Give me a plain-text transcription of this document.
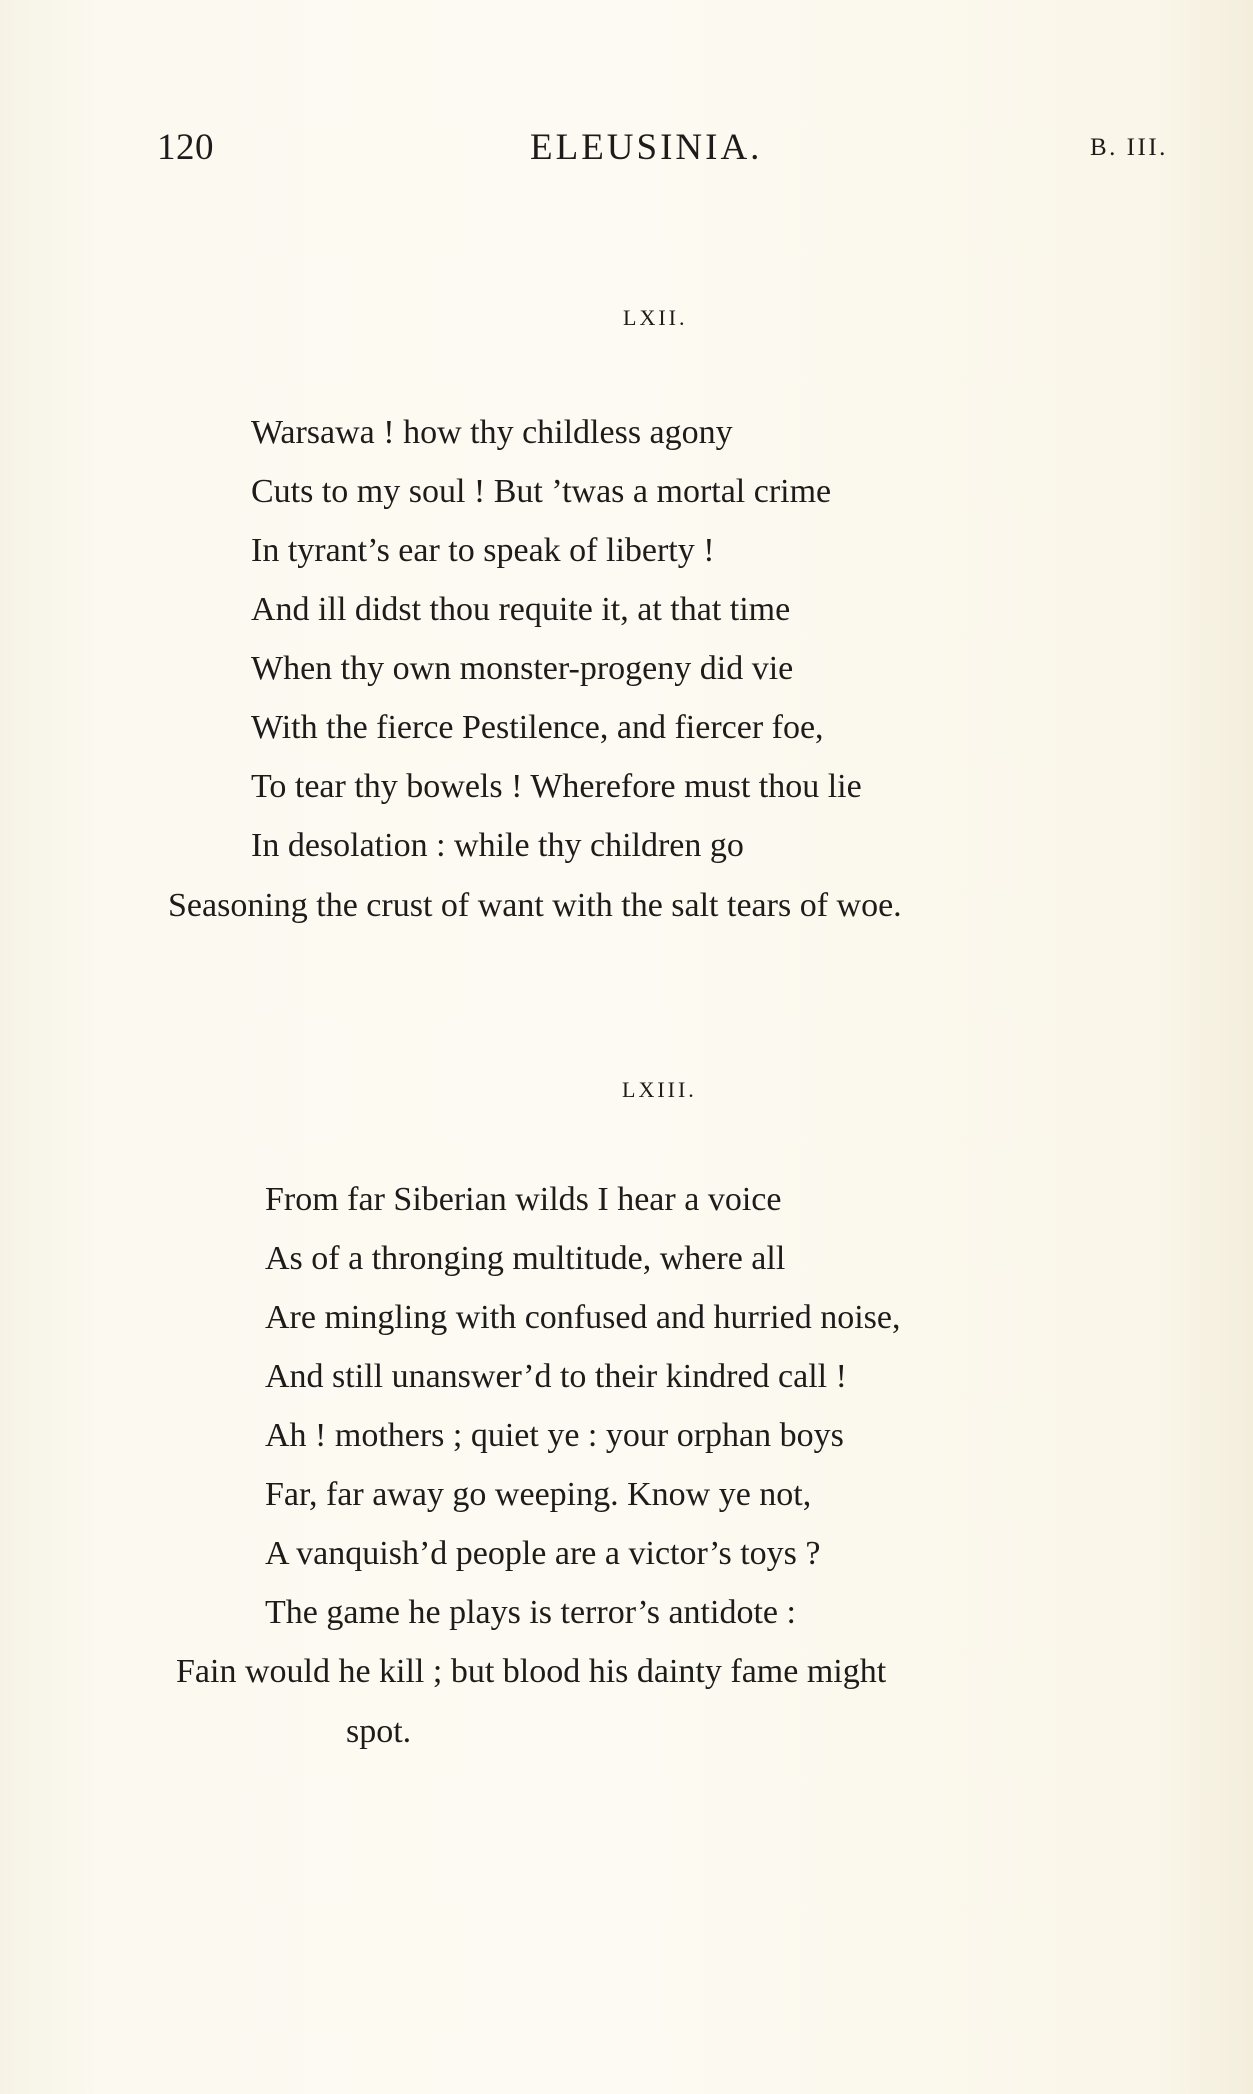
120	ELEUSINIA.	B. III.
LXII.
Warsawa ! how thy childless agony
Cuts to my soul ! But ’twas a mortal crime
In tyrant’s ear to speak of liberty !
And ill didst thou requite it, at that time
When thy own monster-progeny did vie
With the fierce Pestilence, and fiercer foe,
To tear thy bowels ! Wherefore must thou lie
In desolation : while thy children go
Seasoning the crust of want with the salt tears of woe.
LXIII.
From far Siberian wilds I hear a voice
As of a thronging multitude, where all
Are mingling with confused and hurried noise,
And still unanswer’d to their kindred call !
Ah ! mothers ; quiet ye : your orphan boys
Far, far away go weeping. Know ye not,
A vanquish’d people are a victor’s toys ?
The game he plays is terror’s antidote :
Fain would he kill ; but blood his dainty fame might
spot.
